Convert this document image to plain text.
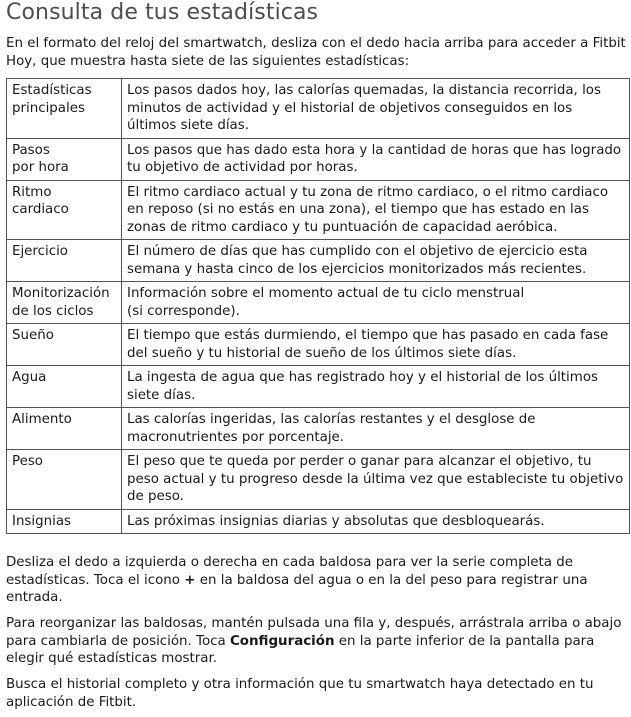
Consulta de tus estadísticas
En el formato del reloj del smartwatch, desliza con el dedo hacia arriba para acceder a Fitbit Hoy, que muestra hasta siete de las siguientes estadísticas:
Estadísticas
principales	Los pasos dados hoy, las calorías quemadas, la distancia recorrida, los minutos de actividad y el historial de objetivos conseguidos en los últimos siete días.
Pasos
por hora	Los pasos que has dado esta hora y la cantidad de horas que has logrado tu objetivo de actividad por horas.
Ritmo
cardiaco	El ritmo cardiaco actual y tu zona de ritmo cardiaco, o el ritmo cardiaco en reposo (si no estás en una zona), el tiempo que has estado en las zonas de ritmo cardiaco y tu puntuación de capacidad aeróbica.
Ejercicio	El número de días que has cumplido con el objetivo de ejercicio esta semana y hasta cinco de los ejercicios monitorizados más recientes.
Monitorización
de los ciclos	Información sobre el momento actual de tu ciclo menstrual
(si corresponde).
Sueño	El tiempo que estás durmiendo, el tiempo que has pasado en cada fase del sueño y tu historial de sueño de los últimos siete días.
Agua	La ingesta de agua que has registrado hoy y el historial de los últimos siete días.
Alimento	Las calorías ingeridas, las calorías restantes y el desglose de macronutrientes por porcentaje.
Peso	El peso que te queda por perder o ganar para alcanzar el objetivo, tu peso actual y tu progreso desde la última vez que estableciste tu objetivo de peso.
Insignias	Las próximas insignias diarias y absolutas que desbloquearás.
Desliza el dedo a izquierda o derecha en cada baldosa para ver la serie completa de estadísticas. Toca el icono + en la baldosa del agua o en la del peso para registrar una entrada.
Para reorganizar las baldosas, mantén pulsada una fila y, después, arrástrala arriba o abajo para cambiarla de posición. Toca Configuración en la parte inferior de la pantalla para elegir qué estadísticas mostrar.
Busca el historial completo y otra información que tu smartwatch haya detectado en tu aplicación de Fitbit.
